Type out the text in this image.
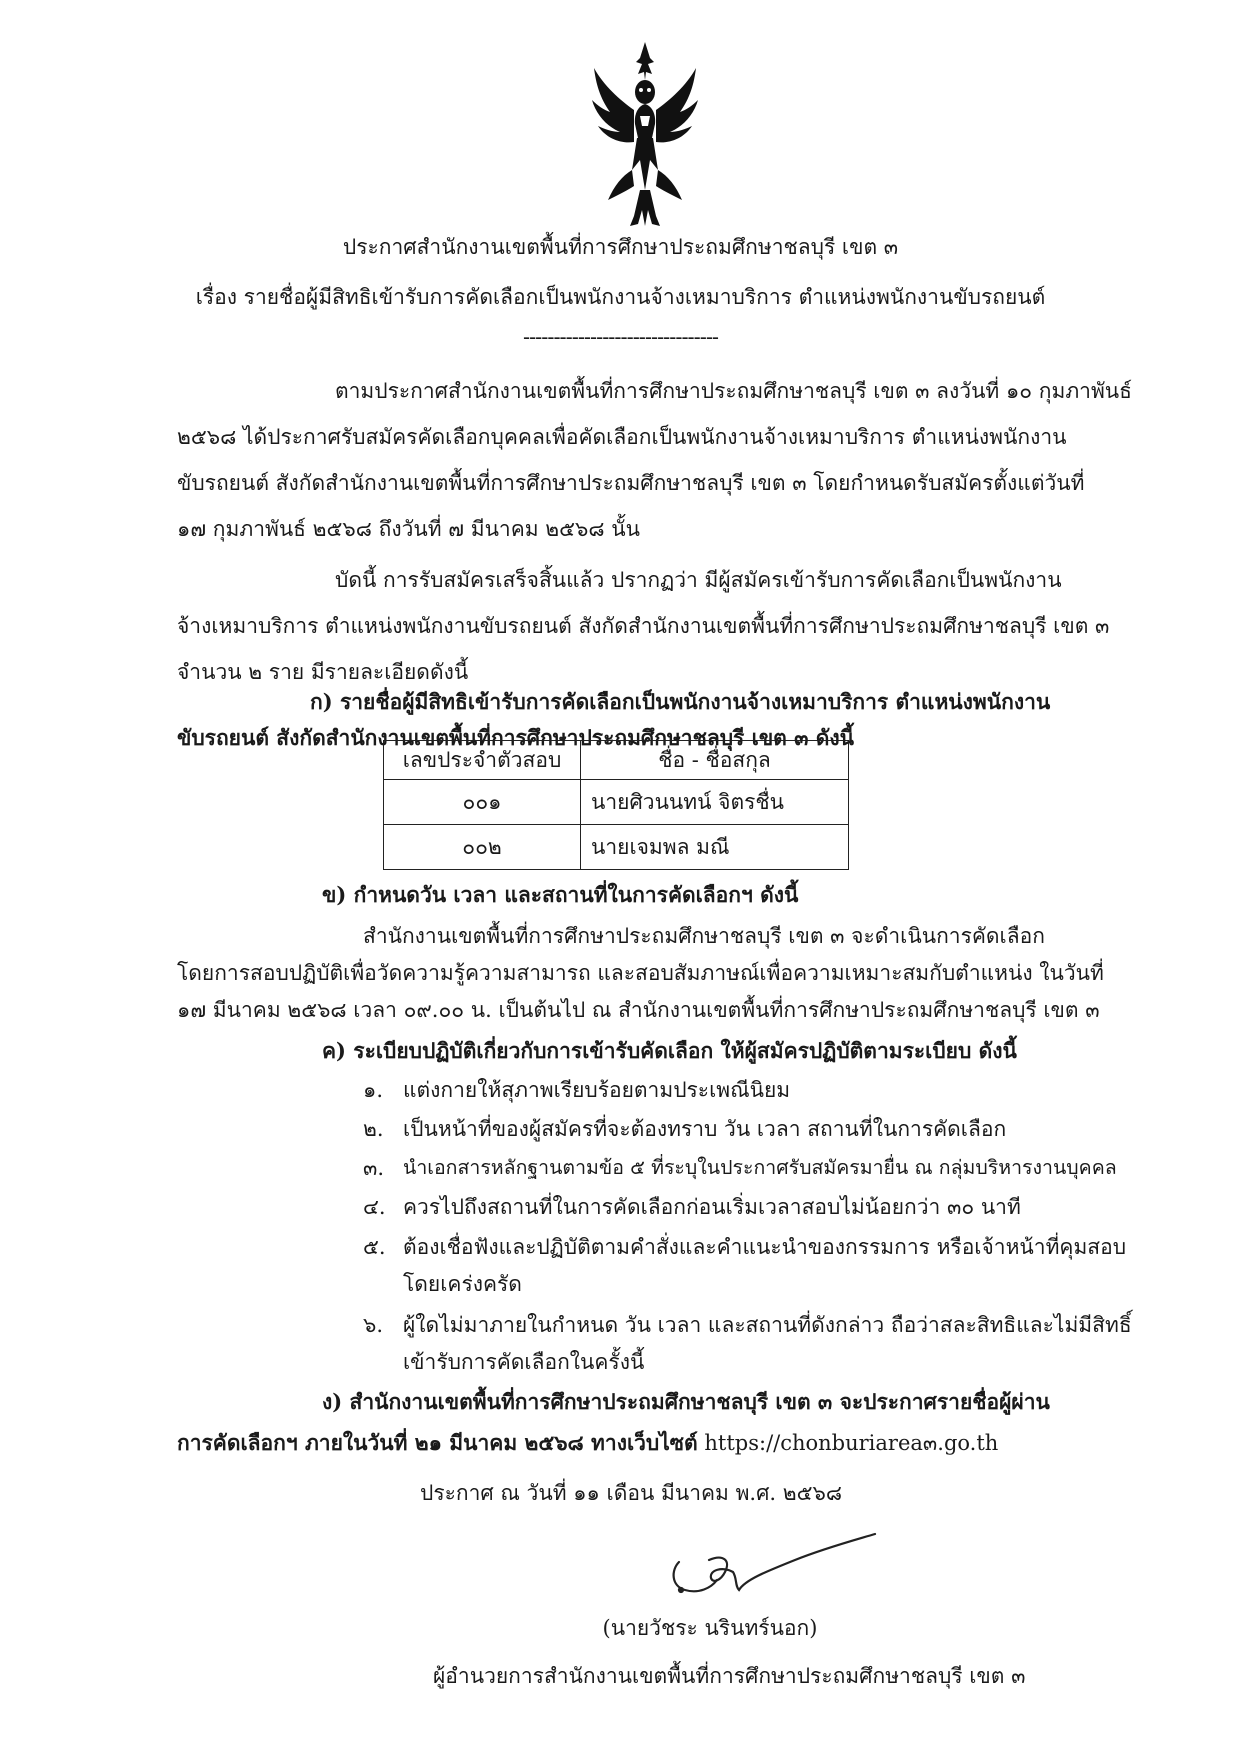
ประกาศสำนักงานเขตพื้นที่การศึกษาประถมศึกษาชลบุรี เขต ๓
เรื่อง รายชื่อผู้มีสิทธิเข้ารับการคัดเลือกเป็นพนักงานจ้างเหมาบริการ ตำแหน่งพนักงานขับรถยนต์
--------------------------------
ตามประกาศสำนักงานเขตพื้นที่การศึกษาประถมศึกษาชลบุรี เขต ๓ ลงวันที่ ๑๐ กุมภาพันธ์
๒๕๖๘ ได้ประกาศรับสมัครคัดเลือกบุคคลเพื่อคัดเลือกเป็นพนักงานจ้างเหมาบริการ ตำแหน่งพนักงาน
ขับรถยนต์ สังกัดสำนักงานเขตพื้นที่การศึกษาประถมศึกษาชลบุรี เขต ๓ โดยกำหนดรับสมัครตั้งแต่วันที่
๑๗ กุมภาพันธ์ ๒๕๖๘ ถึงวันที่ ๗ มีนาคม ๒๕๖๘ นั้น
บัดนี้ การรับสมัครเสร็จสิ้นแล้ว ปรากฏว่า มีผู้สมัครเข้ารับการคัดเลือกเป็นพนักงาน
จ้างเหมาบริการ ตำแหน่งพนักงานขับรถยนต์ สังกัดสำนักงานเขตพื้นที่การศึกษาประถมศึกษาชลบุรี เขต ๓
จำนวน ๒ ราย มีรายละเอียดดังนี้
ก) รายชื่อผู้มีสิทธิเข้ารับการคัดเลือกเป็นพนักงานจ้างเหมาบริการ ตำแหน่งพนักงาน
ขับรถยนต์ สังกัดสำนักงานเขตพื้นที่การศึกษาประถมศึกษาชลบุรี เขต ๓ ดังนี้
เลขประจำตัวสอบ	ชื่อ - ชื่อสกุล
๐๐๑	นายศิวนนทน์ จิตรชื่น
๐๐๒	นายเจมพล มณี
ข) กำหนดวัน เวลา และสถานที่ในการคัดเลือกฯ ดังนี้
สำนักงานเขตพื้นที่การศึกษาประถมศึกษาชลบุรี เขต ๓ จะดำเนินการคัดเลือก
โดยการสอบปฏิบัติเพื่อวัดความรู้ความสามารถ และสอบสัมภาษณ์เพื่อความเหมาะสมกับตำแหน่ง ในวันที่
๑๗ มีนาคม ๒๕๖๘ เวลา ๐๙.๐๐ น. เป็นต้นไป ณ สำนักงานเขตพื้นที่การศึกษาประถมศึกษาชลบุรี เขต ๓
ค) ระเบียบปฏิบัติเกี่ยวกับการเข้ารับคัดเลือก ให้ผู้สมัครปฏิบัติตามระเบียบ ดังนี้
๑. แต่งกายให้สุภาพเรียบร้อยตามประเพณีนิยม
๒. เป็นหน้าที่ของผู้สมัครที่จะต้องทราบ วัน เวลา สถานที่ในการคัดเลือก
๓. นำเอกสารหลักฐานตามข้อ ๕ ที่ระบุในประกาศรับสมัครมายื่น ณ กลุ่มบริหารงานบุคคล
๔. ควรไปถึงสถานที่ในการคัดเลือกก่อนเริ่มเวลาสอบไม่น้อยกว่า ๓๐ นาที
๕. ต้องเชื่อฟังและปฏิบัติตามคำสั่งและคำแนะนำของกรรมการ หรือเจ้าหน้าที่คุมสอบ
โดยเคร่งครัด
๖. ผู้ใดไม่มาภายในกำหนด วัน เวลา และสถานที่ดังกล่าว ถือว่าสละสิทธิและไม่มีสิทธิ์
เข้ารับการคัดเลือกในครั้งนี้
ง) สำนักงานเขตพื้นที่การศึกษาประถมศึกษาชลบุรี เขต ๓ จะประกาศรายชื่อผู้ผ่าน
การคัดเลือกฯ ภายในวันที่ ๒๑ มีนาคม ๒๕๖๘ ทางเว็บไซต์ https://chonburiarea๓.go.th
ประกาศ ณ วันที่ ๑๑ เดือน มีนาคม พ.ศ. ๒๕๖๘
(นายวัชระ นรินทร์นอก)
ผู้อำนวยการสำนักงานเขตพื้นที่การศึกษาประถมศึกษาชลบุรี เขต ๓
